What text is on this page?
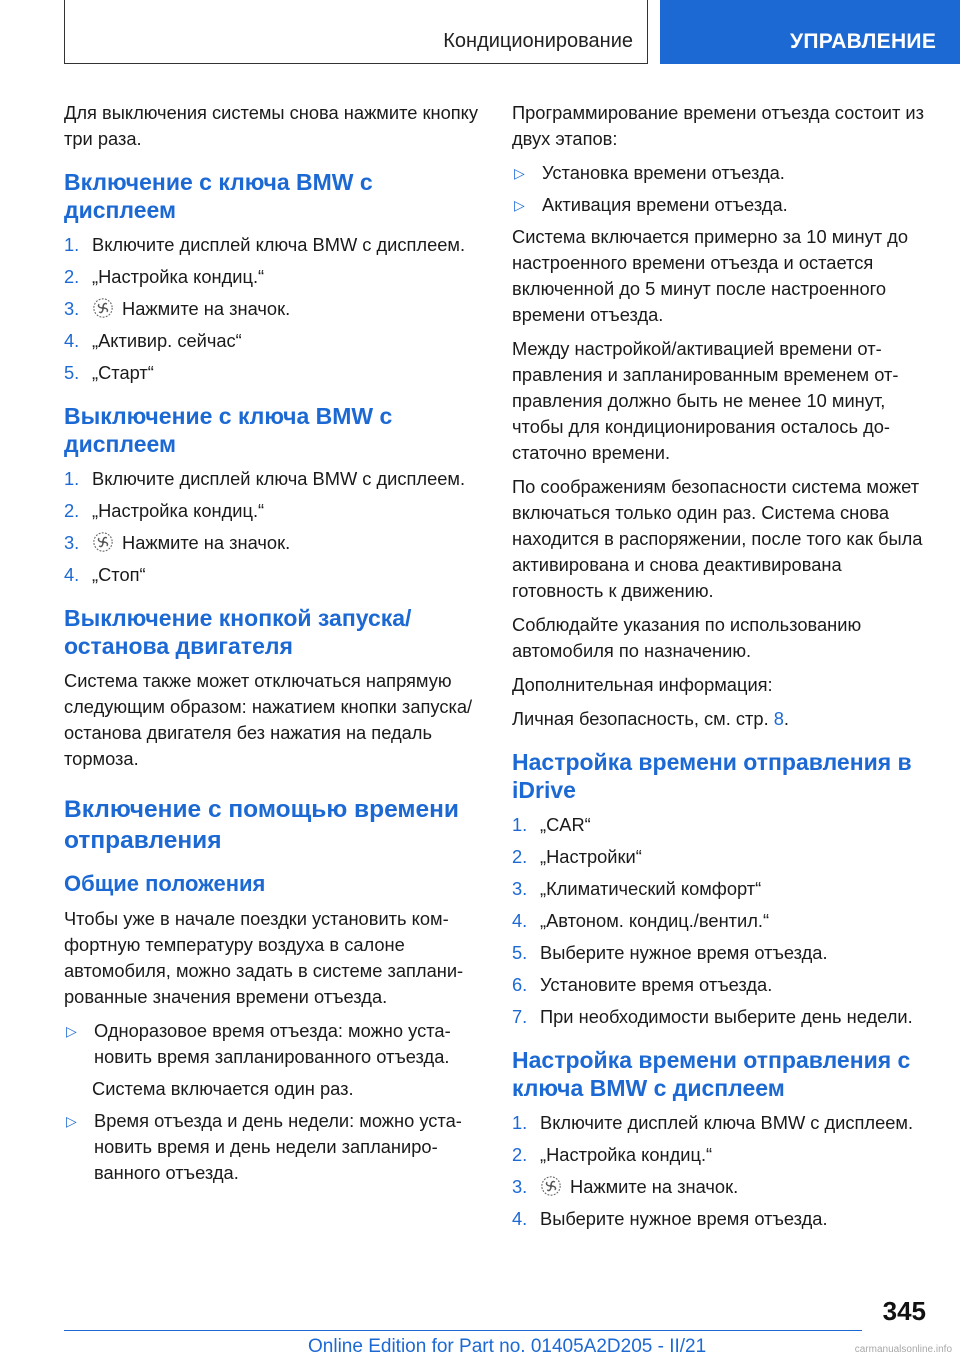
Кондиционирование	УПРАВЛЕНИЕ

Для выключения системы снова нажмите кнопку три раза.

Включение с ключа BMW с дисплеем
1. Включите дисплей ключа BMW с дисплеем.
2. „Настройка кондиц.“
3.	Нажмите на значок.
4. „Активир. сейчас“
5. „Старт“
Выключение с ключа BMW с дисплеем
1. Включите дисплей ключа BMW с дисплеем.
2. „Настройка кондиц.“
3.	Нажмите на значок.
4. „Стоп“
Выключение кнопкой запуска/останова двигателя

Система также может отключаться напрямую следующим образом: нажатием кнопки запуска/останова двигателя без нажатия на педаль тормоза.

Включение с помощью времени отправления
Общие положения

Чтобы уже в начале поездки установить комфортную температуру воздуха в салоне автомобиля, можно задать в системе запланированные значения времени отъезда.

▷ Одноразовое время отъезда: можно установить время запланированного отъезда.
Система включается один раз.
▷ Время отъезда и день недели: можно установить время и день недели запланированного отъезда.

Программирование времени отъезда состоит из двух этапов:

▷ Установка времени отъезда.
▷ Активация времени отъезда.

Система включается примерно за 10 минут до настроенного времени отъезда и остается включенной до 5 минут после настроенного времени отъезда.

Между настройкой/активацией времени отправления и запланированным временем отправления должно быть не менее 10 минут, чтобы для кондиционирования осталось достаточно времени.

По соображениям безопасности система может включаться только один раз. Система снова находится в распоряжении, после того как была активирована и снова деактивирована готовность к движению.

Соблюдайте указания по использованию автомобиля по назначению.

Дополнительная информация:

Личная безопасность, см. стр. 8.

Настройка времени отправления в iDrive
1. „CAR“
2. „Настройки“
3. „Климатический комфорт“
4. „Автоном. кондиц./вентил.“
5. Выберите нужное время отъезда.
6. Установите время отъезда.
7. При необходимости выберите день недели.
Настройка времени отправления с ключа BMW с дисплеем
1. Включите дисплей ключа BMW с дисплеем.
2. „Настройка кондиц.“
3.	Нажмите на значок.
4. Выберите нужное время отъезда.
345
Online Edition for Part no. 01405A2D205 - II/21	carmanualsonline.info
